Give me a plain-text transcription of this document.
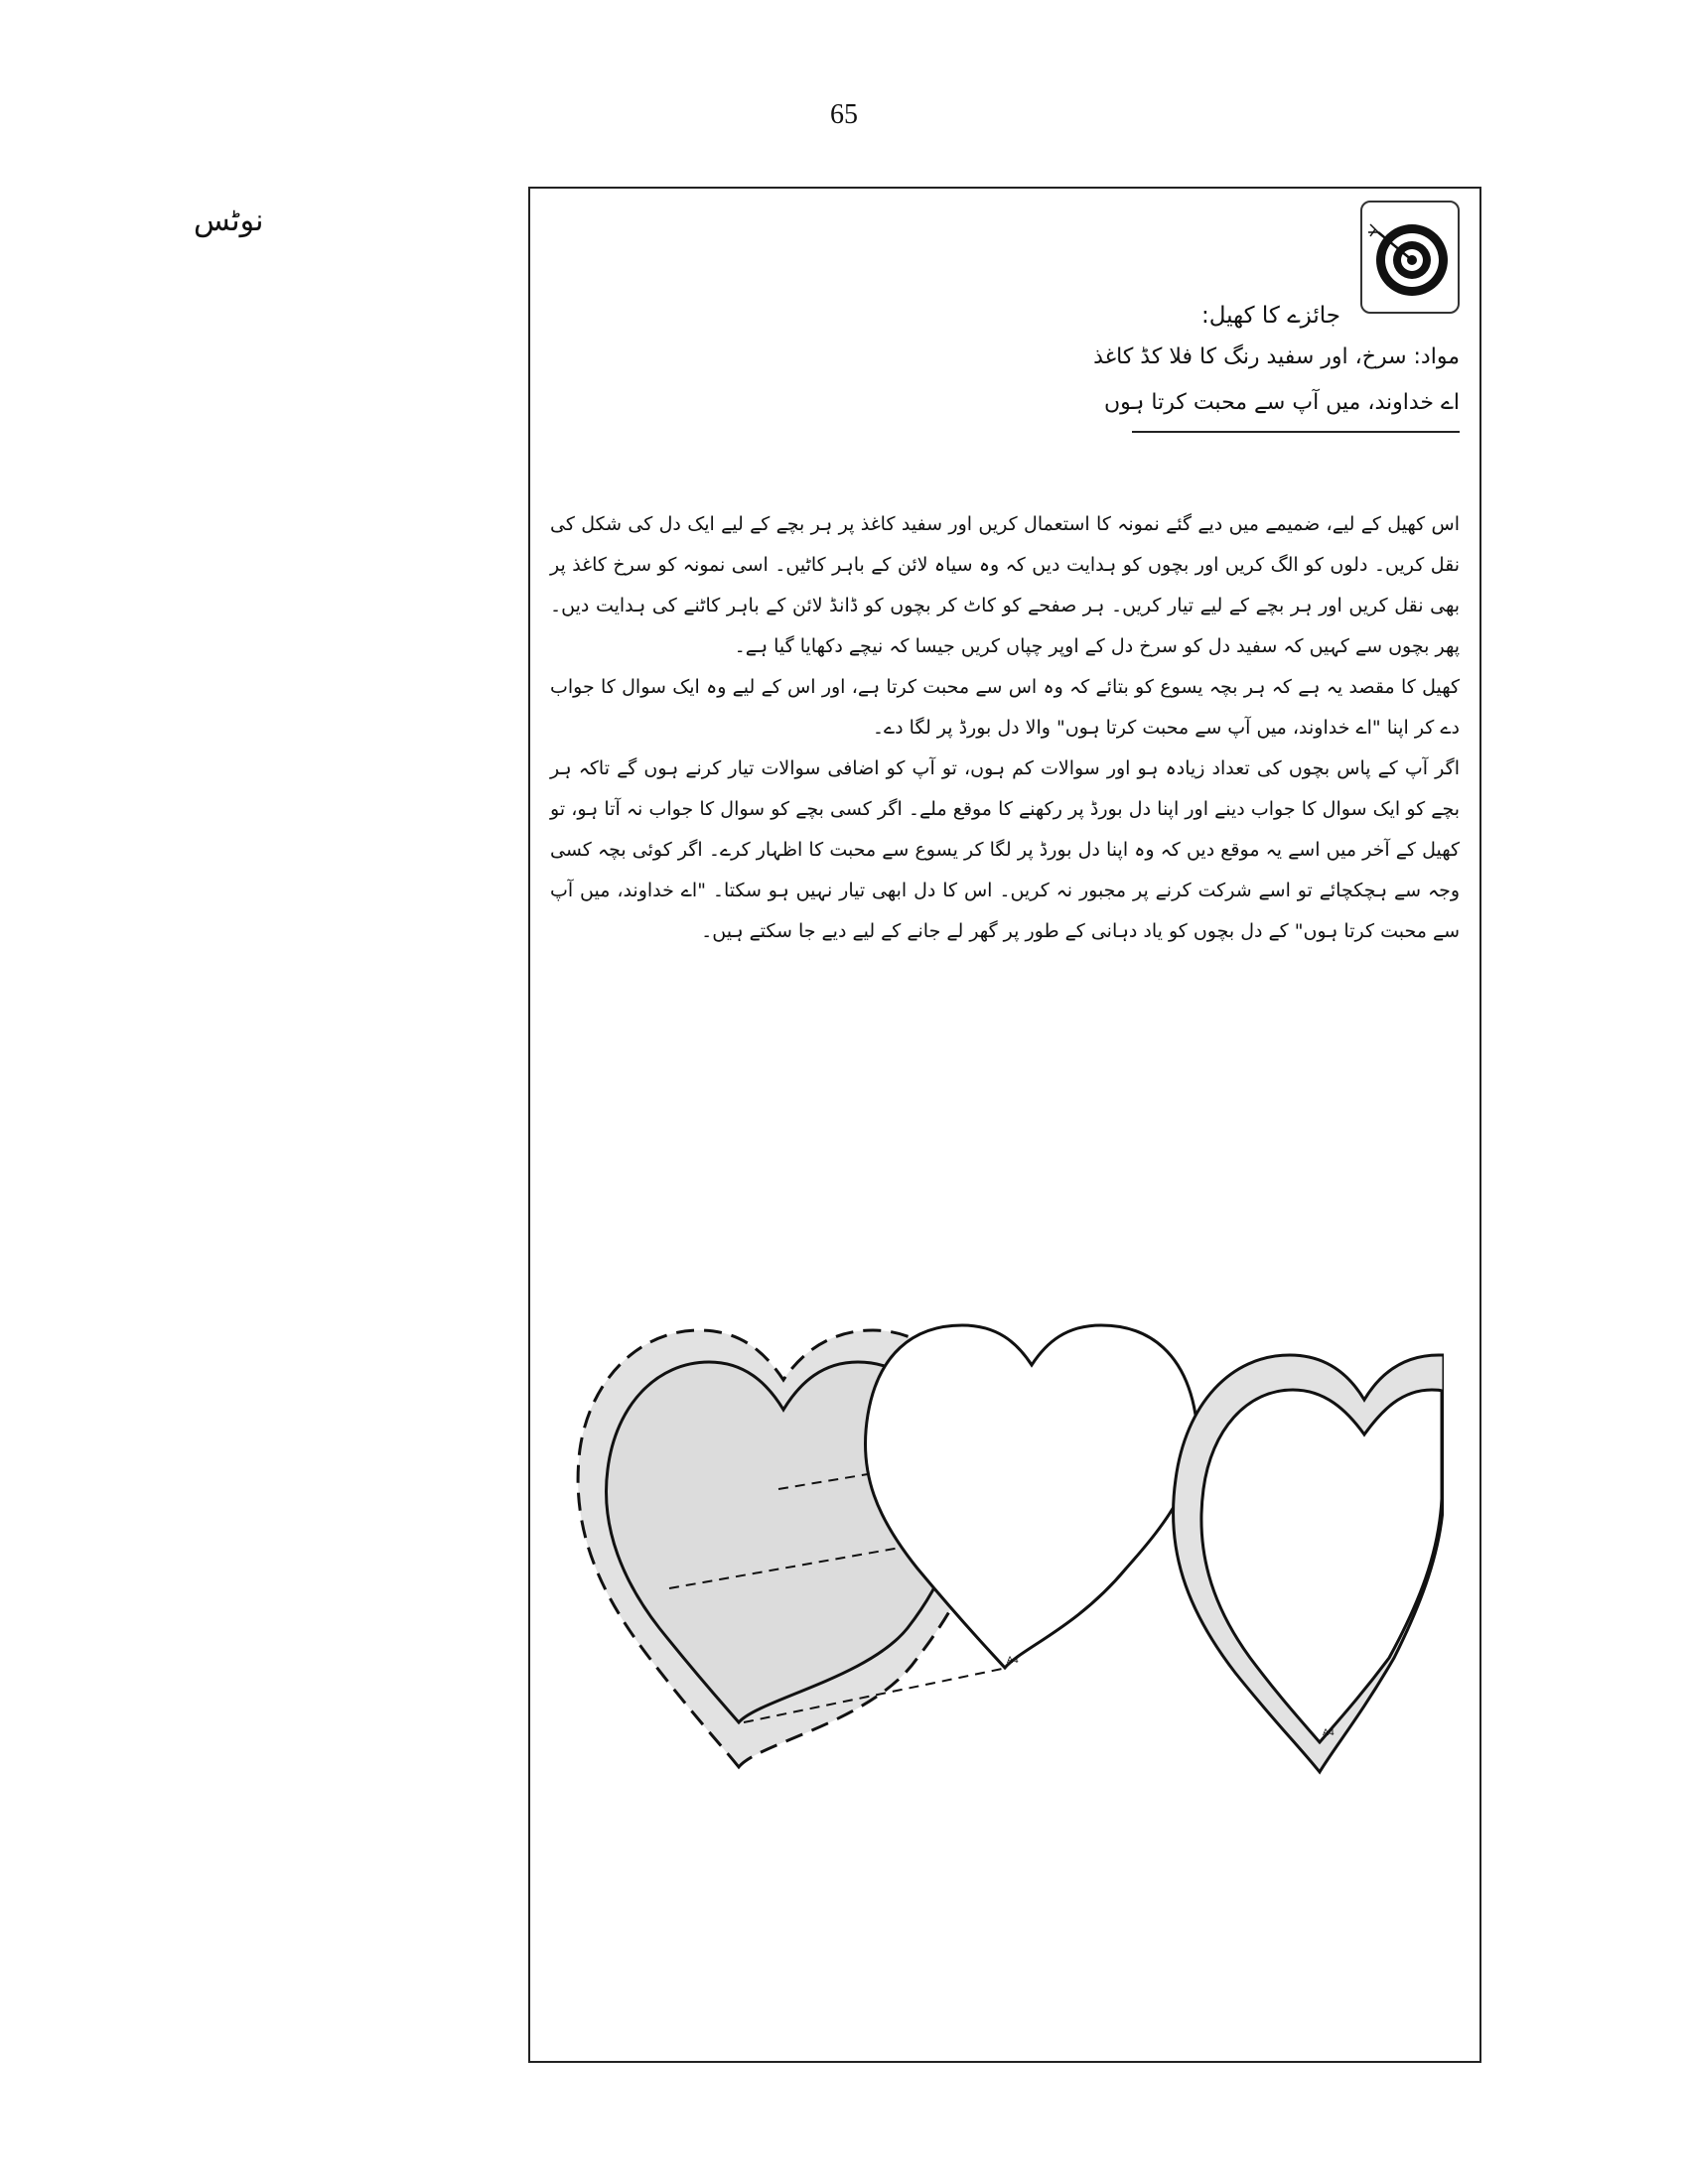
65
نوٹس
جائزے کا کھیل:
مواد: سرخ، اور سفید رنگ کا فلا کڈ کاغذ
اے خداوند، میں آپ سے محبت کرتا ہوں

اس کھیل کے لیے، ضمیمے میں دیے گئے نمونہ کا استعمال کریں اور سفید کاغذ پر ہر بچے کے لیے ایک دل کی شکل کی نقل کریں۔ دلوں کو الگ کریں اور بچوں کو ہدایت دیں کہ وہ سیاہ لائن کے باہر کاٹیں۔ اسی نمونہ کو سرخ کاغذ پر بھی نقل کریں اور ہر بچے کے لیے تیار کریں۔ ہر صفحے کو کاٹ کر بچوں کو ڈانڈ لائن کے باہر کاٹنے کی ہدایت دیں۔ پھر بچوں سے کہیں کہ سفید دل کو سرخ دل کے اوپر چپاں کریں جیسا کہ نیچے دکھایا گیا ہے۔

کھیل کا مقصد یہ ہے کہ ہر بچہ یسوع کو بتائے کہ وہ اس سے محبت کرتا ہے، اور اس کے لیے وہ ایک سوال کا جواب دے کر اپنا "اے خداوند، میں آپ سے محبت کرتا ہوں" والا دل بورڈ پر لگا دے۔

اگر آپ کے پاس بچوں کی تعداد زیادہ ہو اور سوالات کم ہوں، تو آپ کو اضافی سوالات تیار کرنے ہوں گے تاکہ ہر بچے کو ایک سوال کا جواب دینے اور اپنا دل بورڈ پر رکھنے کا موقع ملے۔ اگر کسی بچے کو سوال کا جواب نہ آتا ہو، تو کھیل کے آخر میں اسے یہ موقع دیں کہ وہ اپنا دل بورڈ پر لگا کر یسوع سے محبت کا اظہار کرے۔ اگر کوئی بچہ کسی وجہ سے ہچکچائے تو اسے شرکت کرنے پر مجبور نہ کریں۔ اس کا دل ابھی تیار نہیں ہو سکتا۔ "اے خداوند، میں آپ سے محبت کرتا ہوں" کے دل بچوں کو یاد دہانی کے طور پر گھر لے جانے کے لیے دیے جا سکتے ہیں۔

A4
A4
